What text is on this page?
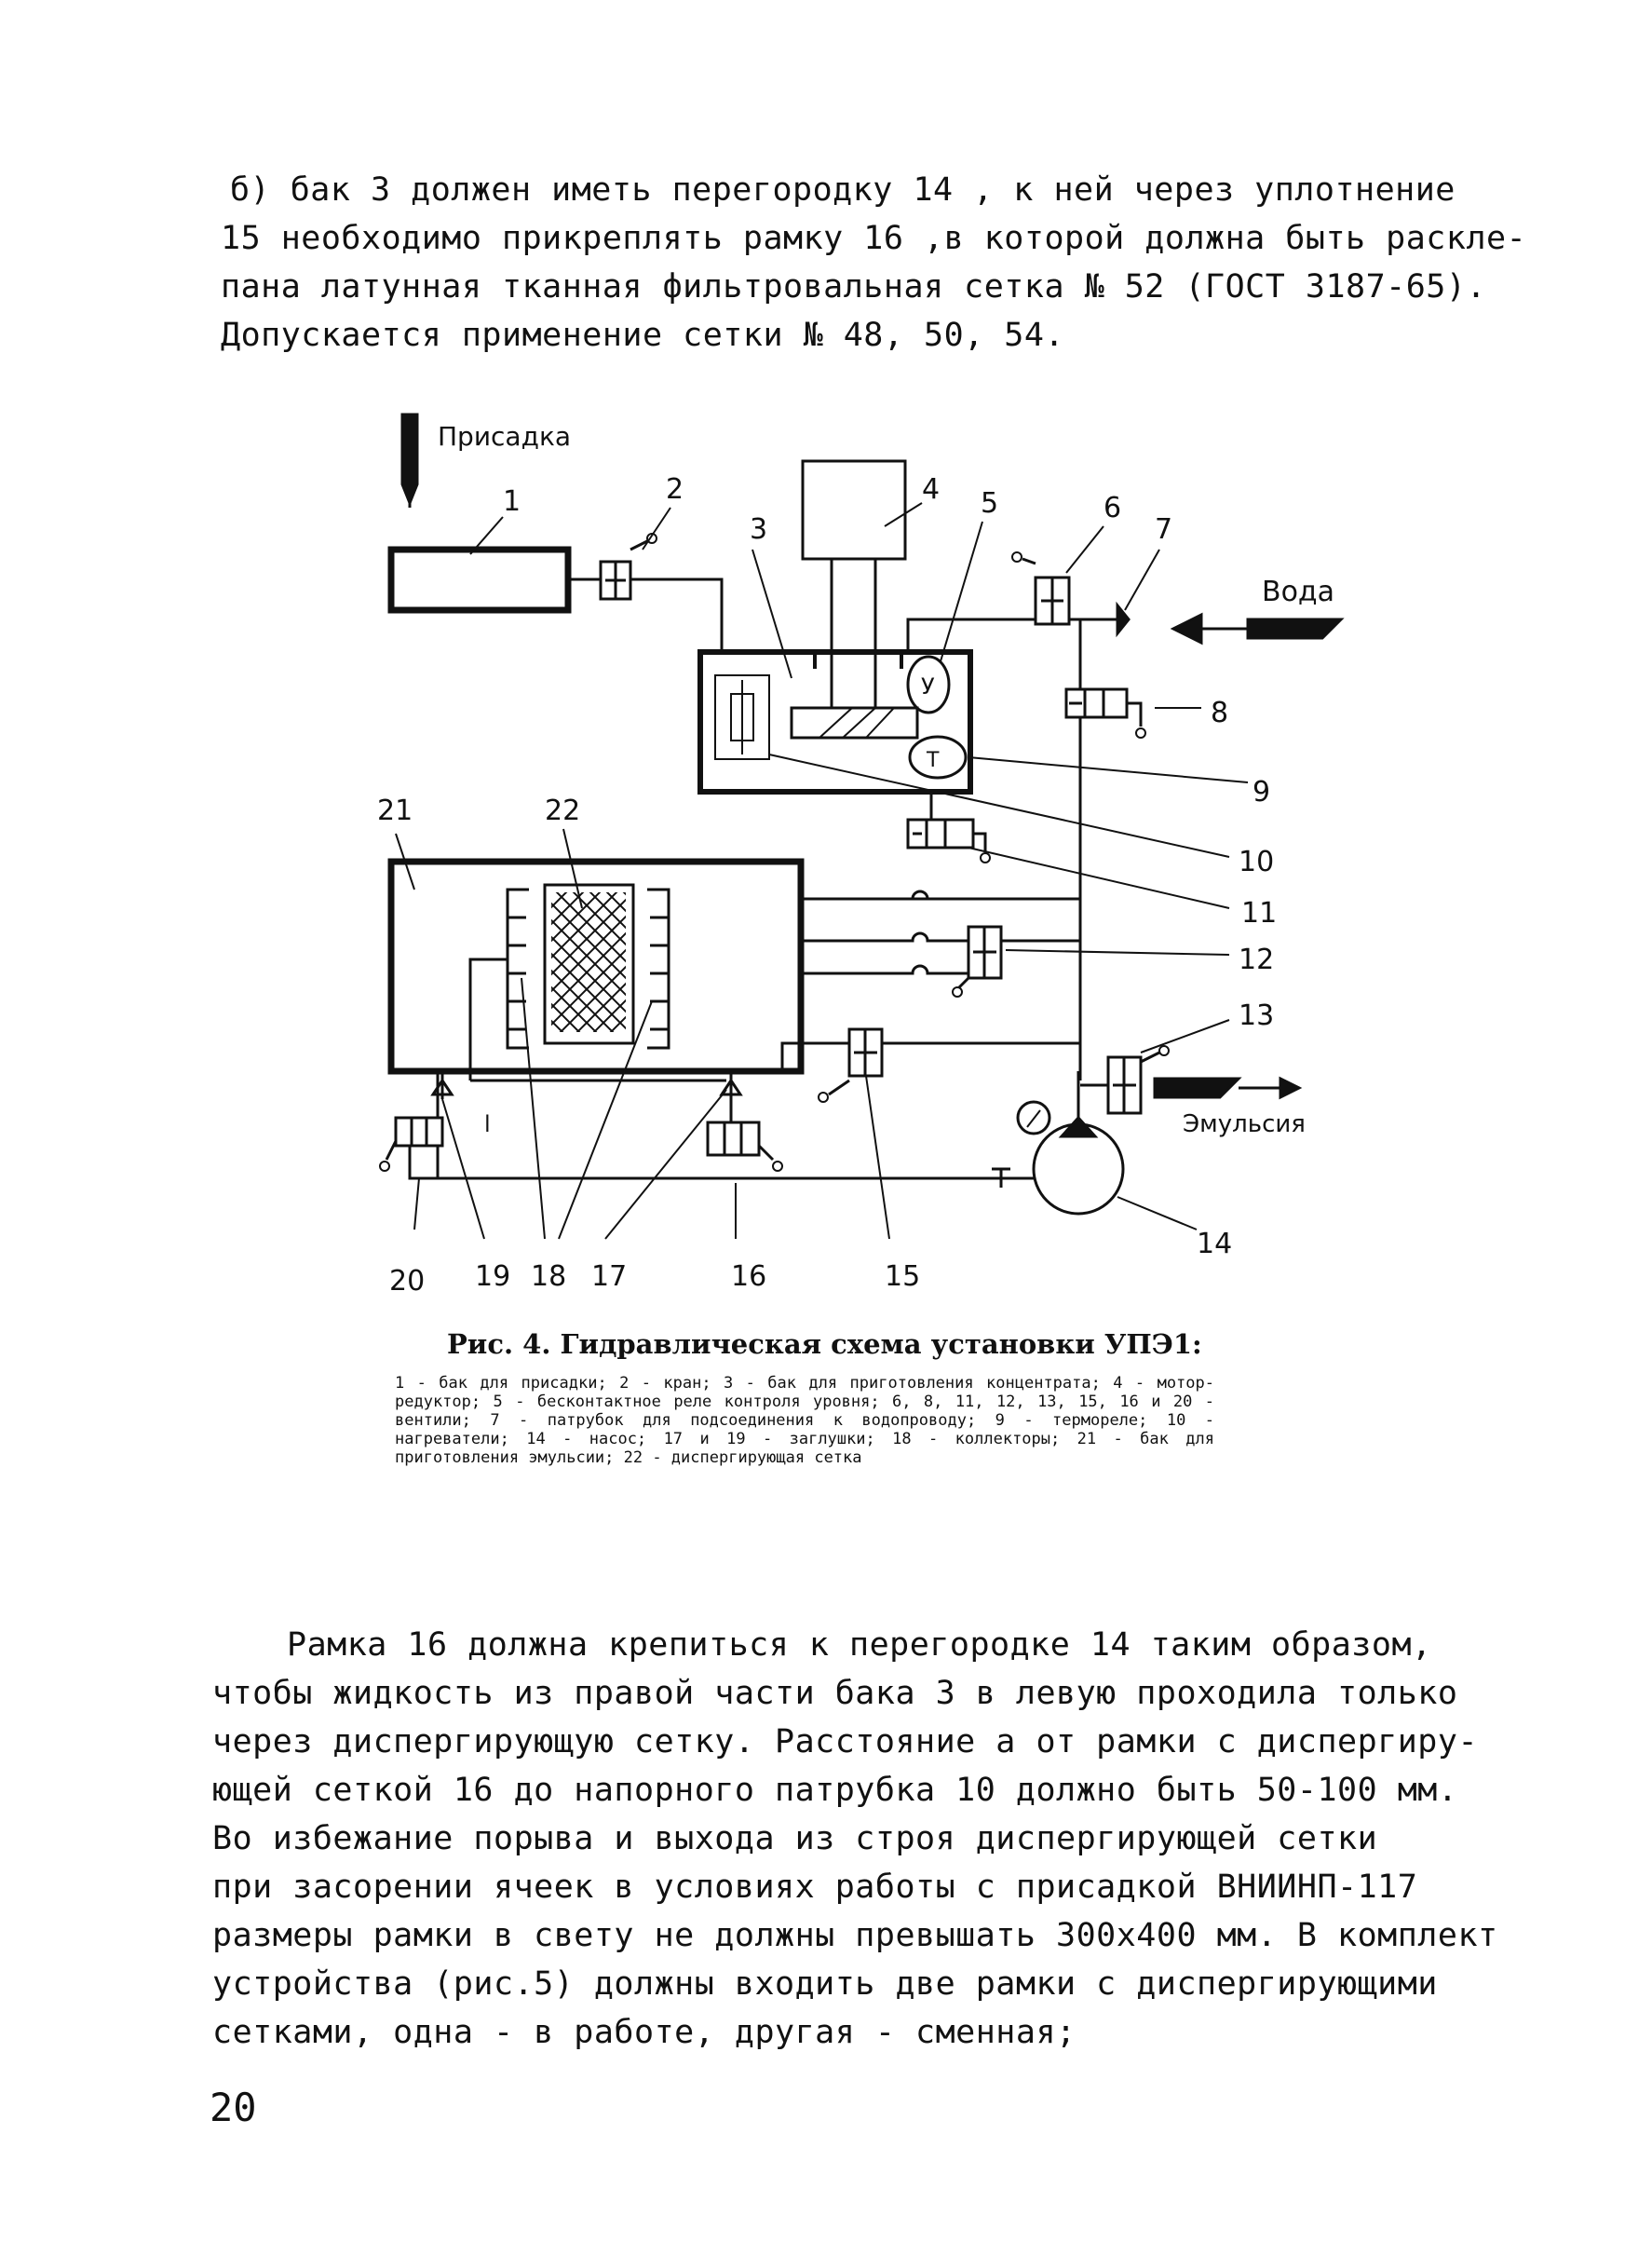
б) бак 3 должен иметь перегородку 14 , к ней через уплотнение
15 необходимо прикреплять рамку 16 ,в которой должна быть раскле-
пана латунная тканная фильтровальная сетка № 52 (ГОСТ 3187-65).
Допускается применение сетки № 48, 50, 54.
Присадка
1	2	4
3
У
5
Т
9
6
7
Вода
8
10
11
21	22
12
15
Эмульсия
13
14
l
20 19 18 17	16
Рис. 4. Гидравлическая схема установки УПЭ1:
1 - бак для присадки; 2 - кран; 3 - бак для приготовления концентрата; 4 - мотор-редуктор; 5 - бесконтактное реле контроля уровня; 6, 8, 11, 12, 13, 15, 16 и 20 - вентили; 7 - патрубок для подсоединения к водопроводу; 9 - термореле; 10 - нагреватели; 14 - насос; 17 и 19 - заглушки; 18 - коллекторы; 21 - бак для приготовления эмульсии; 22 - диспергирующая сетка
Рамка 16 должна крепиться к перегородке 14 таким образом,
чтобы жидкость из правой части бака 3 в левую проходила только
через диспергирующую сетку. Расстояние а от рамки с диспергиру-
ющей сеткой 16 до напорного патрубка 10 должно быть 50-100 мм.
Во избежание порыва и выхода из строя диспергирующей сетки
при засорении ячеек в условиях работы с присадкой ВНИИНП-117
размеры рамки в свету не должны превышать 300х400 мм. В комплект
устройства (рис.5) должны входить две рамки с диспергирующими
сетками, одна - в работе, другая - сменная;
20
